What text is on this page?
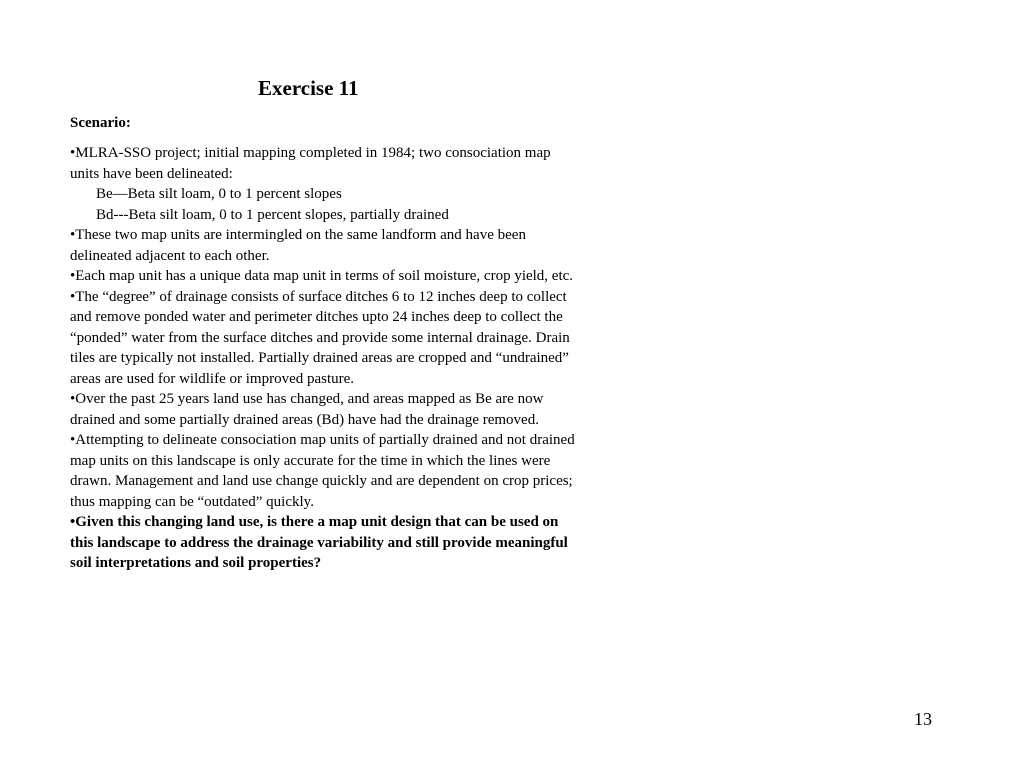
Exercise 11
Scenario:

•MLRA-SSO project; initial mapping completed in 1984; two consociation map units have been delineated:

Be—Beta silt loam, 0 to 1 percent slopes

Bd---Beta silt loam, 0 to 1 percent slopes, partially drained

•These two map units are intermingled on the same landform and have been delineated adjacent to each other.

•Each map unit has a unique data map unit in terms of soil moisture, crop yield, etc.

•The “degree” of drainage consists of surface ditches 6 to 12 inches deep to collect and remove ponded water and perimeter ditches upto 24 inches deep to collect the “ponded” water from the surface ditches and provide some internal drainage. Drain tiles are typically not installed. Partially drained areas are cropped and “undrained” areas are used for wildlife or improved pasture.

•Over the past 25 years land use has changed, and areas mapped as Be are now drained and some partially drained areas (Bd) have had the drainage removed.

•Attempting to delineate consociation map units of partially drained and not drained map units on this landscape is only accurate for the time in which the lines were drawn. Management and land use change quickly and are dependent on crop prices; thus mapping can be “outdated” quickly.

•Given this changing land use, is there a map unit design that can be used on this landscape to address the drainage variability and still provide meaningful soil interpretations and soil properties?

13
